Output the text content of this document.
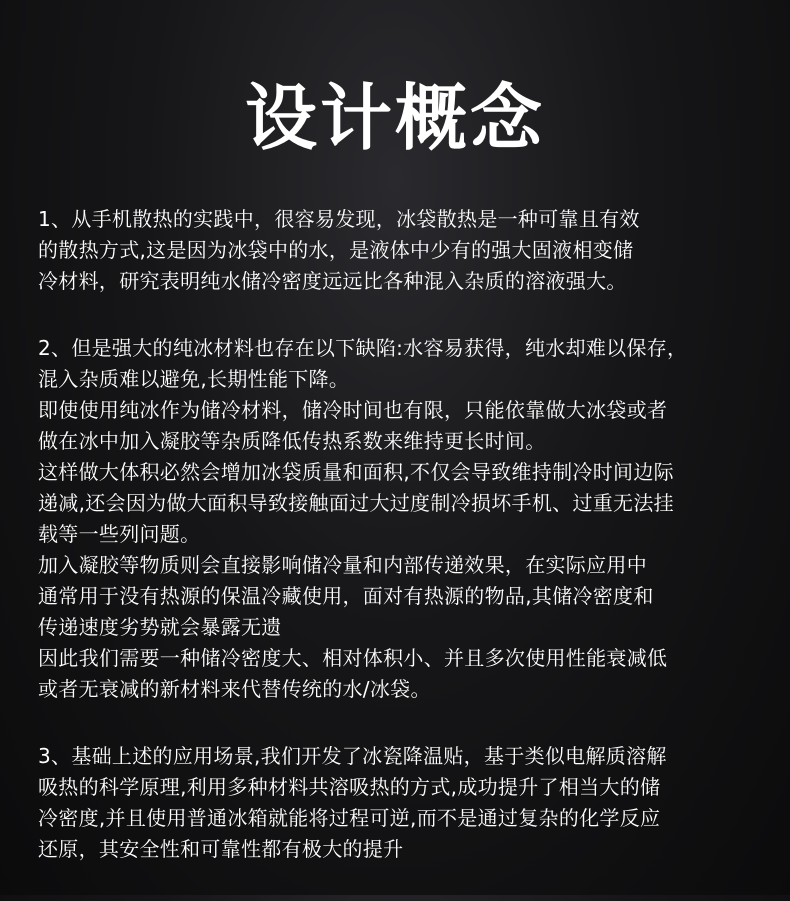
设计概念
1、从手机散热的实践中，很容易发现，冰袋散热是一种可靠且有效
的散热方式,这是因为冰袋中的水，是液体中少有的强大固液相变储
冷材料，研究表明纯水储冷密度远远比各种混入杂质的溶液强大。
2、但是强大的纯冰材料也存在以下缺陷:水容易获得，纯水却难以保存，
混入杂质难以避免,长期性能下降。
即使使用纯冰作为储冷材料，储冷时间也有限，只能依靠做大冰袋或者
做在冰中加入凝胶等杂质降低传热系数来维持更长时间。
这样做大体积必然会增加冰袋质量和面积,不仅会导致维持制冷时间边际
递减,还会因为做大面积导致接触面过大过度制冷损坏手机、过重无法挂
载等一些列问题。
加入凝胶等物质则会直接影响储冷量和内部传递效果，在实际应用中
通常用于没有热源的保温冷藏使用，面对有热源的物品,其储冷密度和
传递速度劣势就会暴露无遗
因此我们需要一种储冷密度大、相对体积小、并且多次使用性能衰减低
或者无衰减的新材料来代替传统的水/冰袋。
3、基础上述的应用场景,我们开发了冰瓷降温贴，基于类似电解质溶解
吸热的科学原理,利用多种材料共溶吸热的方式,成功提升了相当大的储
冷密度,并且使用普通冰箱就能将过程可逆,而不是通过复杂的化学反应
还原，其安全性和可靠性都有极大的提升
